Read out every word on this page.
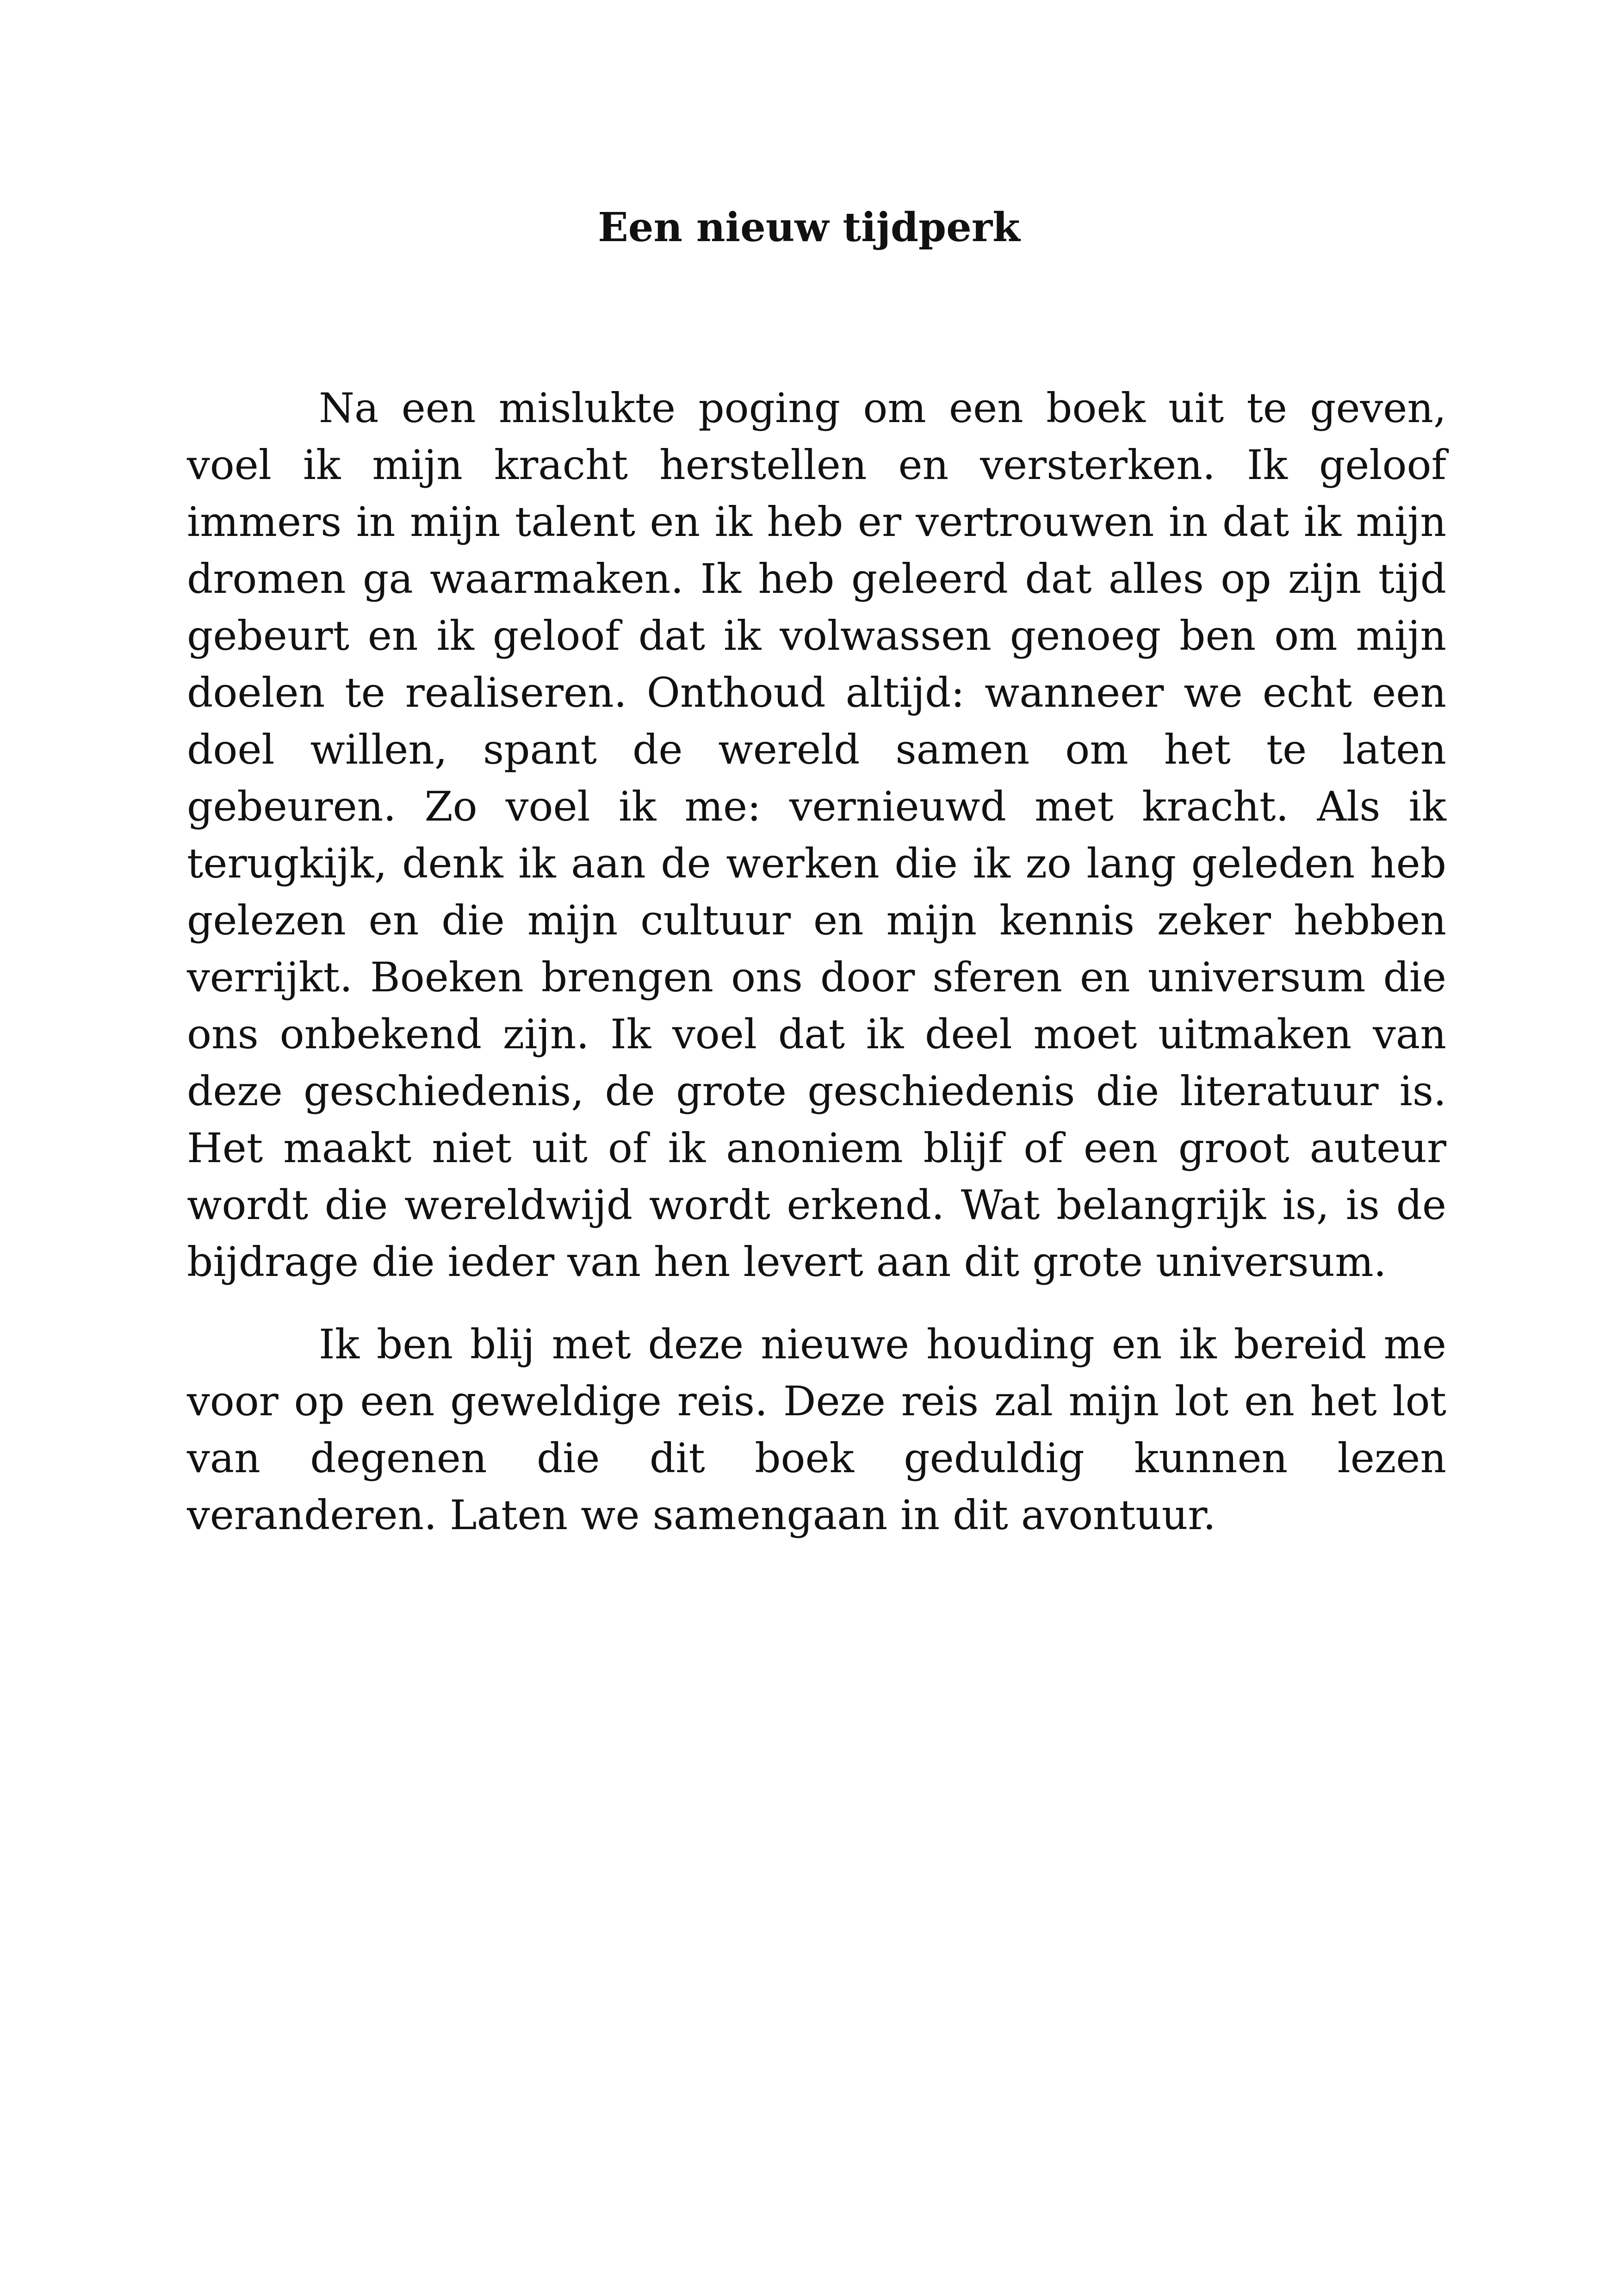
Een nieuw tijdperk

Na een mislukte poging om een boek uit te geven, voel ik mijn kracht herstellen en versterken. Ik geloof immers in mijn talent en ik heb er vertrouwen in dat ik mijn dromen ga waarmaken. Ik heb geleerd dat alles op zijn tijd gebeurt en ik geloof dat ik volwassen genoeg ben om mijn doelen te realiseren. Onthoud altijd: wanneer we echt een doel willen, spant de wereld samen om het te laten gebeuren. Zo voel ik me: vernieuwd met kracht. Als ik terugkijk, denk ik aan de werken die ik zo lang geleden heb gelezen en die mijn cultuur en mijn kennis zeker hebben verrijkt. Boeken brengen ons door sferen en universum die ons onbekend zijn. Ik voel dat ik deel moet uitmaken van deze geschiedenis, de grote geschiedenis die literatuur is. Het maakt niet uit of ik anoniem blijf of een groot auteur wordt die wereldwijd wordt erkend. Wat belangrijk is, is de bijdrage die ieder van hen levert aan dit grote universum.

Ik ben blij met deze nieuwe houding en ik bereid me voor op een geweldige reis. Deze reis zal mijn lot en het lot van degenen die dit boek geduldig kunnen lezen veranderen. Laten we samengaan in dit avontuur.
